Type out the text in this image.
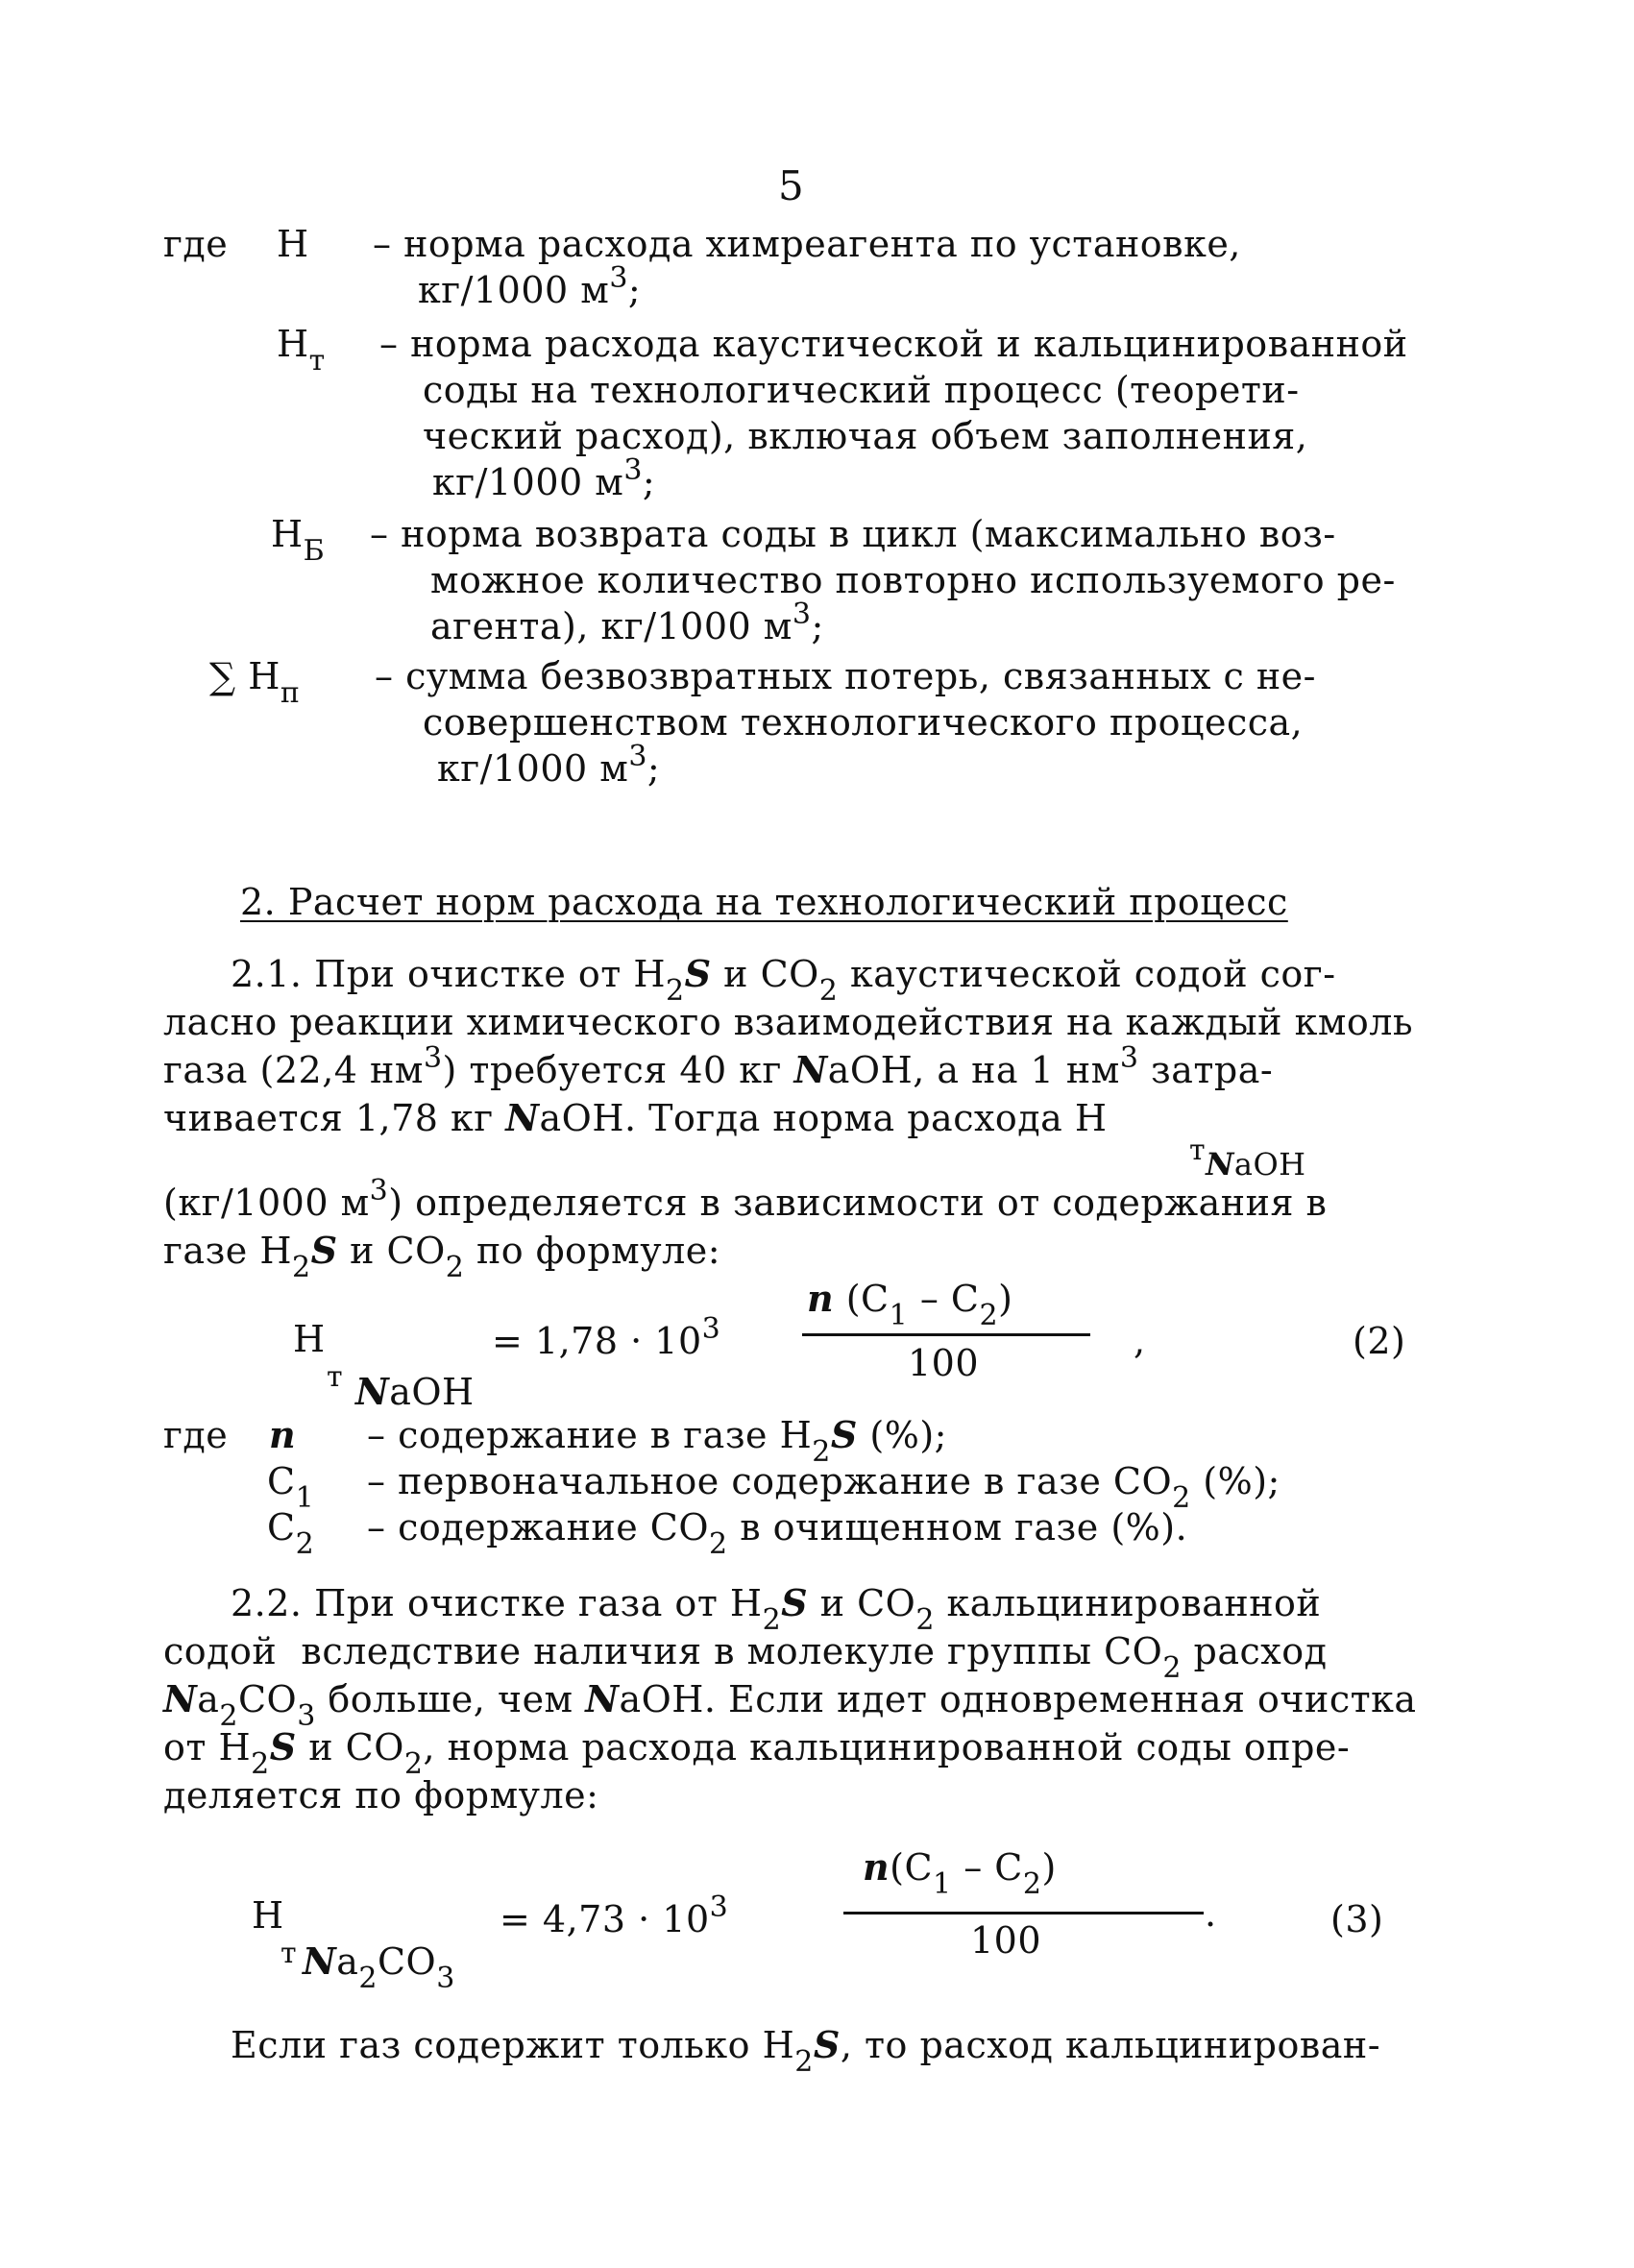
5
где Н – норма расхода химреагента по установке,
кг/1000 $м^3$;
$Н_т$ – норма расхода каустической и кальцинированной
соды на технологический процесс (теорети-
ческий расход), включая объем заполнения,
кг/1000 $м^3$;
$Н_Б$ – норма возврата соды в цикл (максимально воз-
можное количество повторно используемого ре-
агента), кг/1000 $м^3$;
∑ $Н_п$ – сумма безвозвратных потерь, связанных с не-
совершенством технологического процесса,
кг/1000 $м^3$;
2. Расчет норм расхода на технологический процесс
2.1. При очистке от $Н_2S$ и $СО_2$ каустической содой сог-
ласно реакции химического взаимодействия на каждый кмоль
газа (22,4 $нм^3$) требуется 40 кг NаОН, а на 1 $нм^3$ затра-
чивается 1,78 кг NаОН. Тогда норма расхода Н
$^т$NаОН
(кг/1000 $м^3$) определяется в зависимости от содержания в
газе $Н_2S$ и $СО_2$ по формуле:
Н
т NаОН
= $1,78 \cdot 10^3$
n $(С_1 - С_2)$
100
,	(2)
где n – содержание в газе $Н_2S$ (%);
$С_1$ – первоначальное содержание в газе $СО_2$ (%);
$С_2$ – содержание $СО_2$ в очищенном газе (%).
2.2. При очистке газа от $Н_2S$ и $СО_2$ кальцинированной
содой  вследствие наличия в молекуле группы $СО_2$ расход
$Nа_2СО_3$ больше, чем NаОН. Если идет одновременная очистка
от $Н_2S$ и $СО_2$, норма расхода кальцинированной соды опре-
деляется по формуле:
Н
т $Nа_2СО_3$
= $4,73 \cdot 10^3$
$n(С_1 - С_2)$
100
.	(3)
Если газ содержит только $Н_2S$, то расход кальцинирован-
